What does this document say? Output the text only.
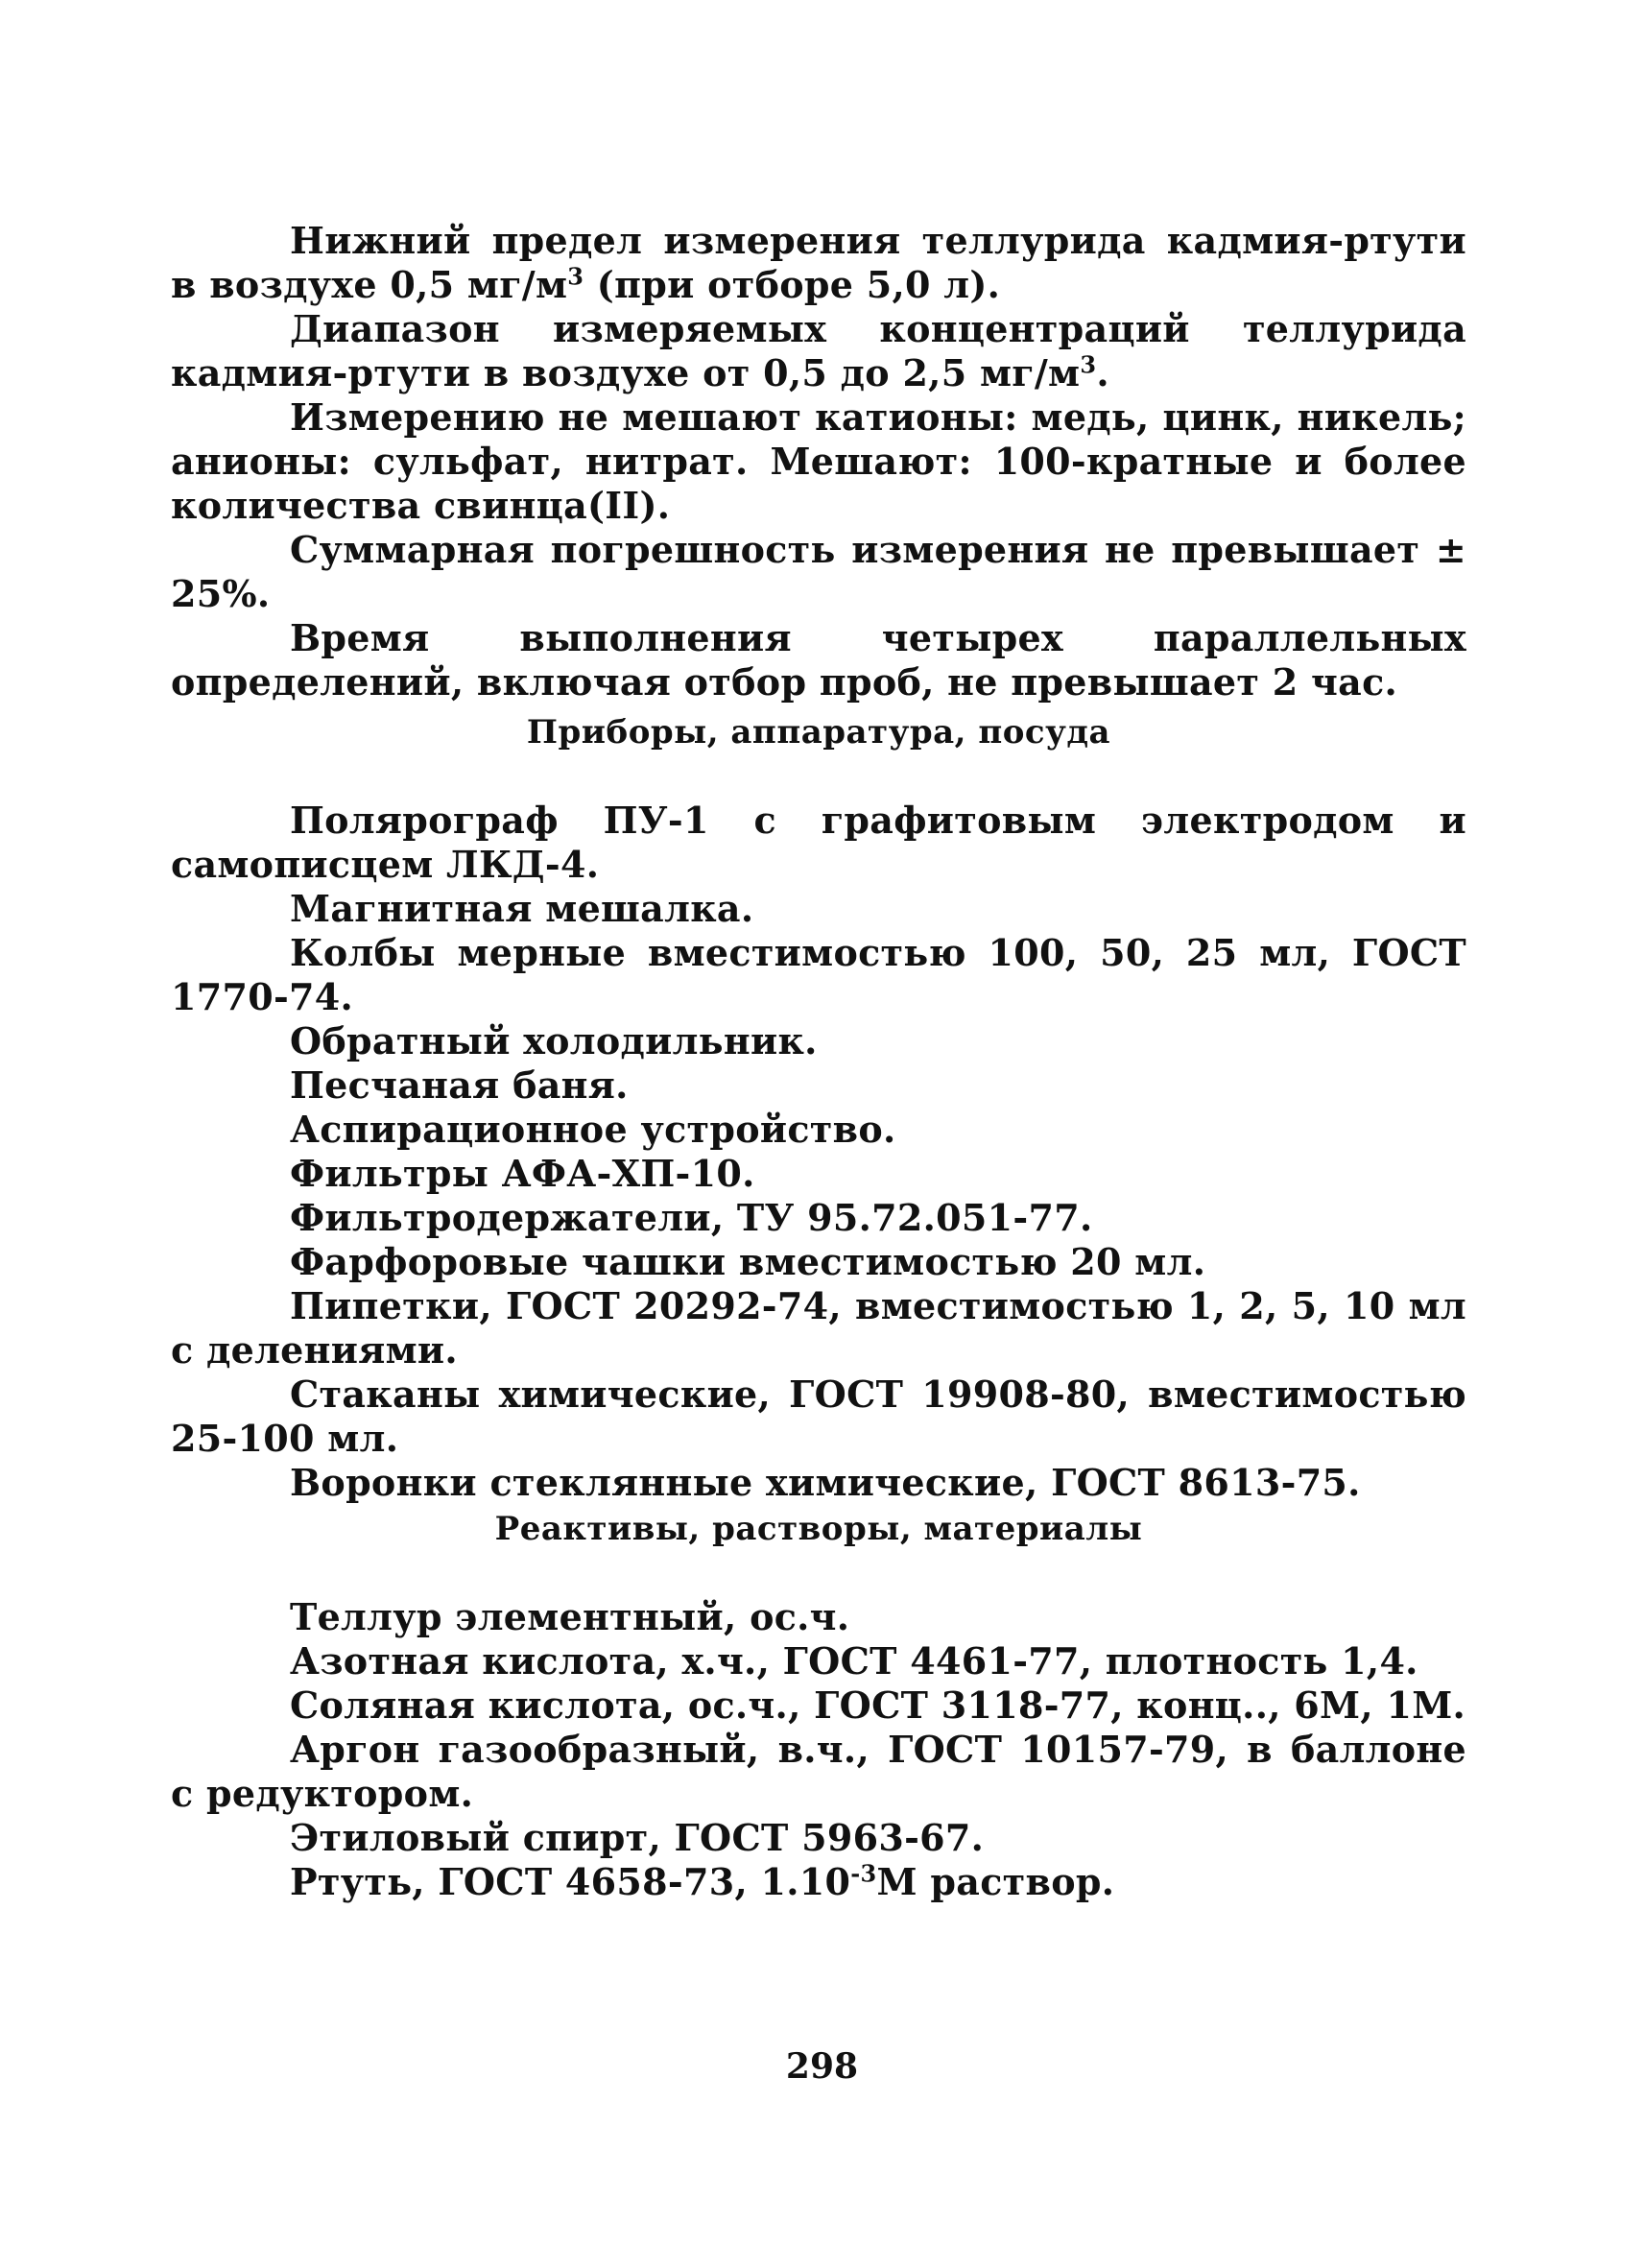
Нижний предел измерения теллурида кадмия-ртути в воздухе 0,5 $мг/м^3$ (при отборе 5,0 л).

Диапазон измеряемых концентраций теллурида кадмия-ртути в воздухе от 0,5 до 2,5 $мг/м^3$.

Измерению не мешают катионы: медь, цинк, никель; анионы: сульфат, нитрат. Мешают: 100-кратные и более количества свинца(II).

Суммарная погрешность измерения не превышает ± 25%.

Время выполнения четырех параллельных определений, включая отбор проб, не превышает 2 час.

Приборы, аппаратура, посуда

Полярограф ПУ-1 с графитовым электродом и самописцем ЛКД-4.

Магнитная мешалка.

Колбы мерные вместимостью 100, 50, 25 мл, ГОСТ 1770-74.

Обратный холодильник.

Песчаная баня.

Аспирационное устройство.

Фильтры АФА-ХП-10.

Фильтродержатели, ТУ 95.72.051-77.

Фарфоровые чашки вместимостью 20 мл.

Пипетки, ГОСТ 20292-74, вместимостью 1, 2, 5, 10 мл с делениями.

Стаканы химические, ГОСТ 19908-80, вместимостью 25-100 мл.

Воронки стеклянные химические, ГОСТ 8613-75.

Реактивы, растворы, материалы

Теллур элементный, ос.ч.

Азотная кислота, х.ч., ГОСТ 4461-77, плотность 1,4.

Соляная кислота, ос.ч., ГОСТ 3118-77, конц.., 6М, 1М.

Аргон газообразный, в.ч., ГОСТ 10157-79, в баллоне с редуктором.

Этиловый спирт, ГОСТ 5963-67.

Ртуть, ГОСТ 4658-73, $1.10^{-3}М$ раствор.

298
